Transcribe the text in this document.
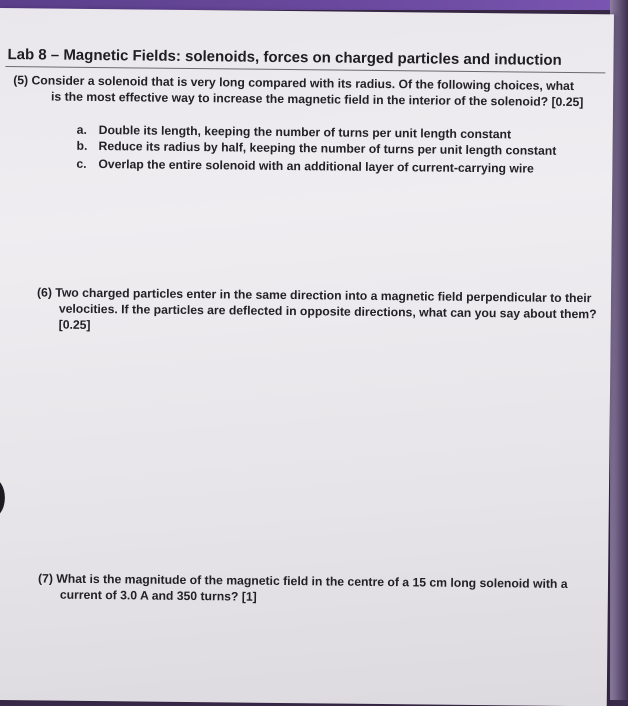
Lab 8 – Magnetic Fields: solenoids, forces on charged particles and induction
(5) Consider a solenoid that is very long compared with its radius. Of the following choices, what
is the most effective way to increase the magnetic field in the interior of the solenoid? [0.25]
a. Double its length, keeping the number of turns per unit length constant
b. Reduce its radius by half, keeping the number of turns per unit length constant
c. Overlap the entire solenoid with an additional layer of current-carrying wire
(6) Two charged particles enter in the same direction into a magnetic field perpendicular to their
velocities. If the particles are deflected in opposite directions, what can you say about them?
[0.25]
(7) What is the magnitude of the magnetic field in the centre of a 15 cm long solenoid with a
current of 3.0 A and 350 turns? [1]
